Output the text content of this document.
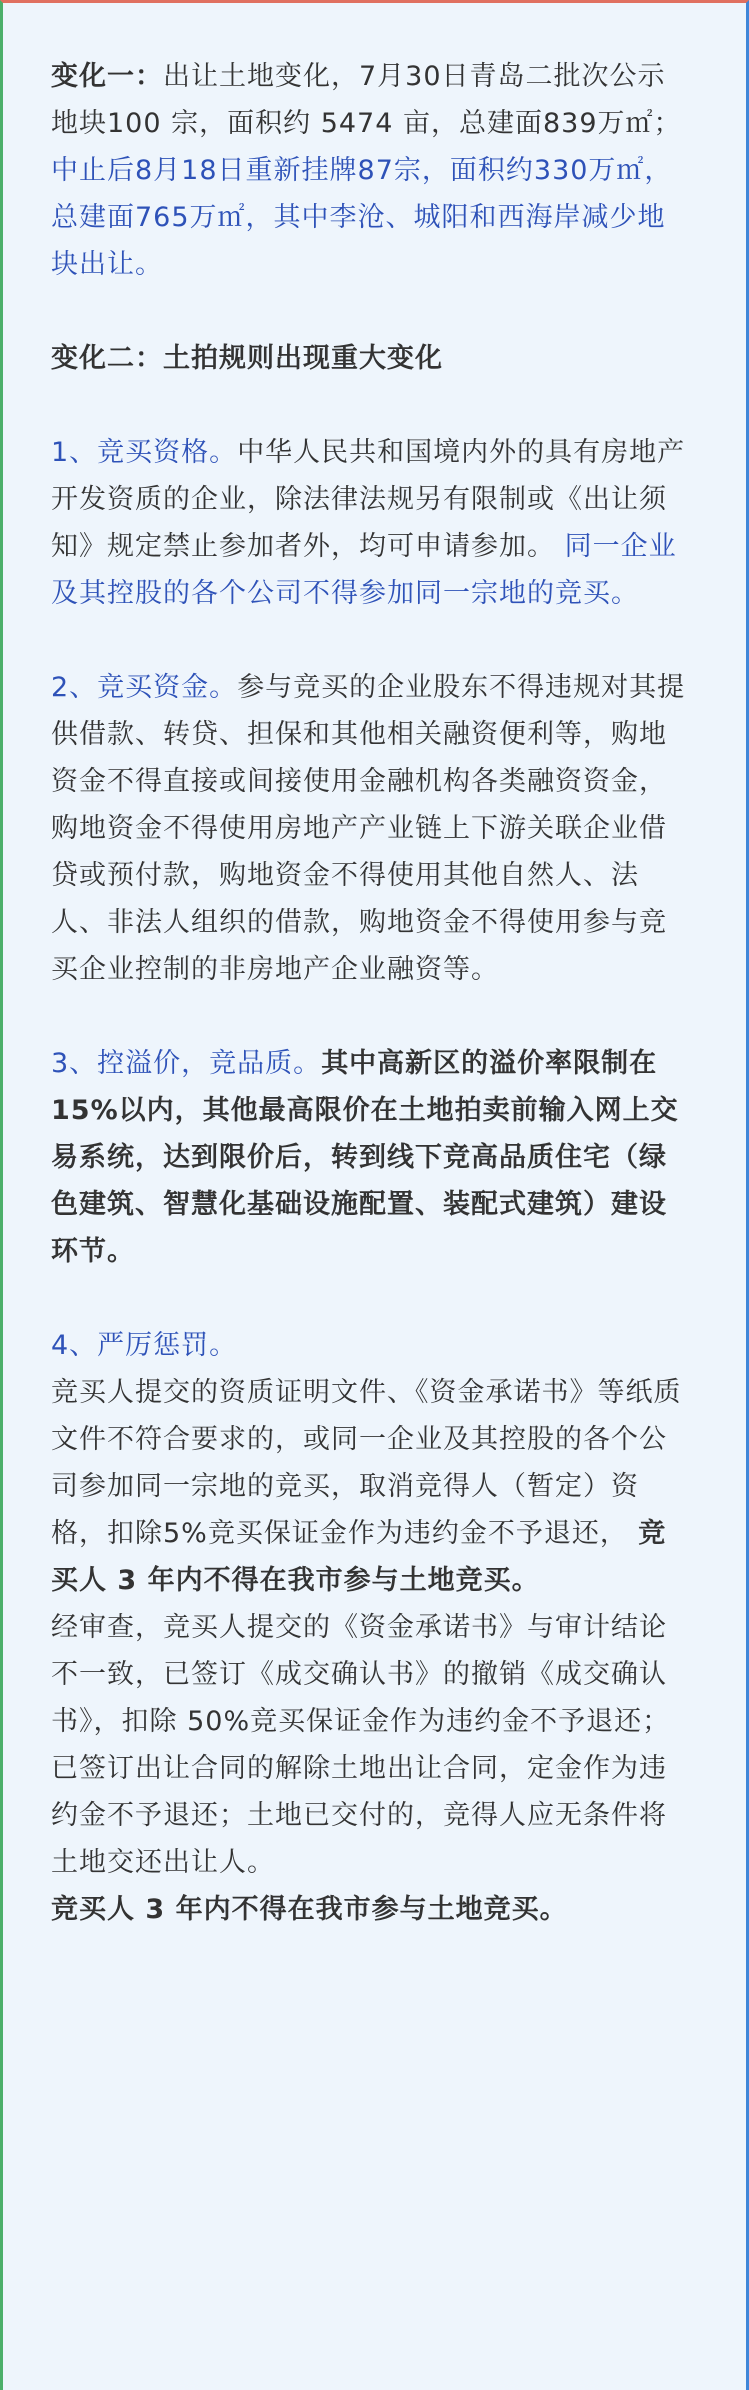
变化一：出让土地变化，7月30日青岛二批次公示地块100 宗，面积约 5474 亩，总建面839万㎡；中止后8月18日重新挂牌87宗，面积约330万㎡，总建面765万㎡，其中李沧、城阳和西海岸减少地块出让。

变化二：土拍规则出现重大变化

1、竞买资格。中华人民共和国境内外的具有房地产开发资质的企业，除法律法规另有限制或《出让须知》规定禁止参加者外，均可申请参加。 同一企业及其控股的各个公司不得参加同一宗地的竞买。

2、竞买资金。参与竞买的企业股东不得违规对其提供借款、转贷、担保和其他相关融资便利等，购地资金不得直接或间接使用金融机构各类融资资金，购地资金不得使用房地产产业链上下游关联企业借贷或预付款，购地资金不得使用其他自然人、法人、非法人组织的借款，购地资金不得使用参与竞买企业控制的非房地产企业融资等。

3、控溢价，竞品质。其中高新区的溢价率限制在15%以内，其他最高限价在土地拍卖前输入网上交易系统，达到限价后，转到线下竞高品质住宅（绿色建筑、智慧化基础设施配置、装配式建筑）建设环节。

4、严厉惩罚。

竞买人提交的资质证明文件、《资金承诺书》等纸质文件不符合要求的，或同一企业及其控股的各个公司参加同一宗地的竞买，取消竞得人（暂定）资格，扣除5%竞买保证金作为违约金不予退还， 竞买人 3 年内不得在我市参与土地竞买。

经审查，竞买人提交的《资金承诺书》与审计结论不一致，已签订《成交确认书》的撤销《成交确认书》，扣除 50%竞买保证金作为违约金不予退还；已签订出让合同的解除土地出让合同，定金作为违约金不予退还；土地已交付的，竞得人应无条件将土地交还出让人。

竞买人 3 年内不得在我市参与土地竞买。
